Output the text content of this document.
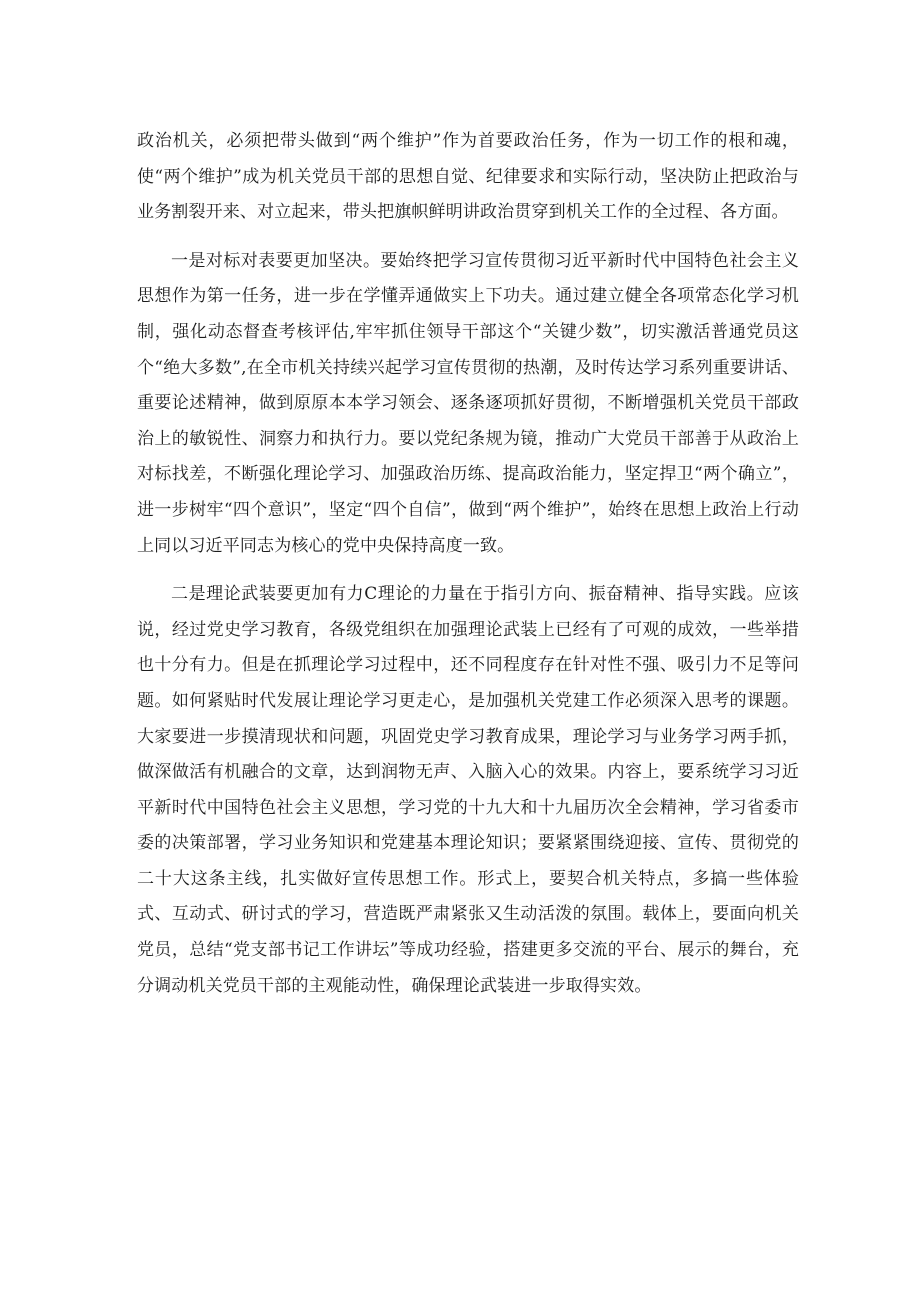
政治机关，必须把带头做到“两个维护”作为首要政治任务，作为一切工作的根和魂，使“两个维护”成为机关党员干部的思想自觉、纪律要求和实际行动，坚决防止把政治与业务割裂开来、对立起来，带头把旗帜鲜明讲政治贯穿到机关工作的全过程、各方面。

一是对标对表要更加坚决。要始终把学习宣传贯彻习近平新时代中国特色社会主义思想作为第一任务，进一步在学懂弄通做实上下功夫。通过建立健全各项常态化学习机制，强化动态督查考核评估,牢牢抓住领导干部这个“关键少数”，切实激活普通党员这个“绝大多数”,在全市机关持续兴起学习宣传贯彻的热潮，及时传达学习系列重要讲话、重要论述精神，做到原原本本学习领会、逐条逐项抓好贯彻，不断增强机关党员干部政治上的敏锐性、洞察力和执行力。要以党纪条规为镜，推动广大党员干部善于从政治上对标找差，不断强化理论学习、加强政治历练、提高政治能力，坚定捍卫“两个确立”，进一步树牢“四个意识”，坚定“四个自信”，做到“两个维护”，始终在思想上政治上行动上同以习近平同志为核心的党中央保持高度一致。

二是理论武装要更加有力C理论的力量在于指引方向、振奋精神、指导实践。应该说，经过党史学习教育，各级党组织在加强理论武装上已经有了可观的成效，一些举措也十分有力。但是在抓理论学习过程中，还不同程度存在针对性不强、吸引力不足等问题。如何紧贴时代发展让理论学习更走心，是加强机关党建工作必须深入思考的课题。大家要进一步摸清现状和问题，巩固党史学习教育成果，理论学习与业务学习两手抓，做深做活有机融合的文章，达到润物无声、入脑入心的效果。内容上，要系统学习习近平新时代中国特色社会主义思想，学习党的十九大和十九届历次全会精神，学习省委市委的决策部署，学习业务知识和党建基本理论知识；要紧紧围绕迎接、宣传、贯彻党的二十大这条主线，扎实做好宣传思想工作。形式上，要契合机关特点，多搞一些体验式、互动式、研讨式的学习，营造既严肃紧张又生动活泼的氛围。载体上，要面向机关党员，总结“党支部书记工作讲坛”等成功经验，搭建更多交流的平台、展示的舞台，充分调动机关党员干部的主观能动性，确保理论武装进一步取得实效。
